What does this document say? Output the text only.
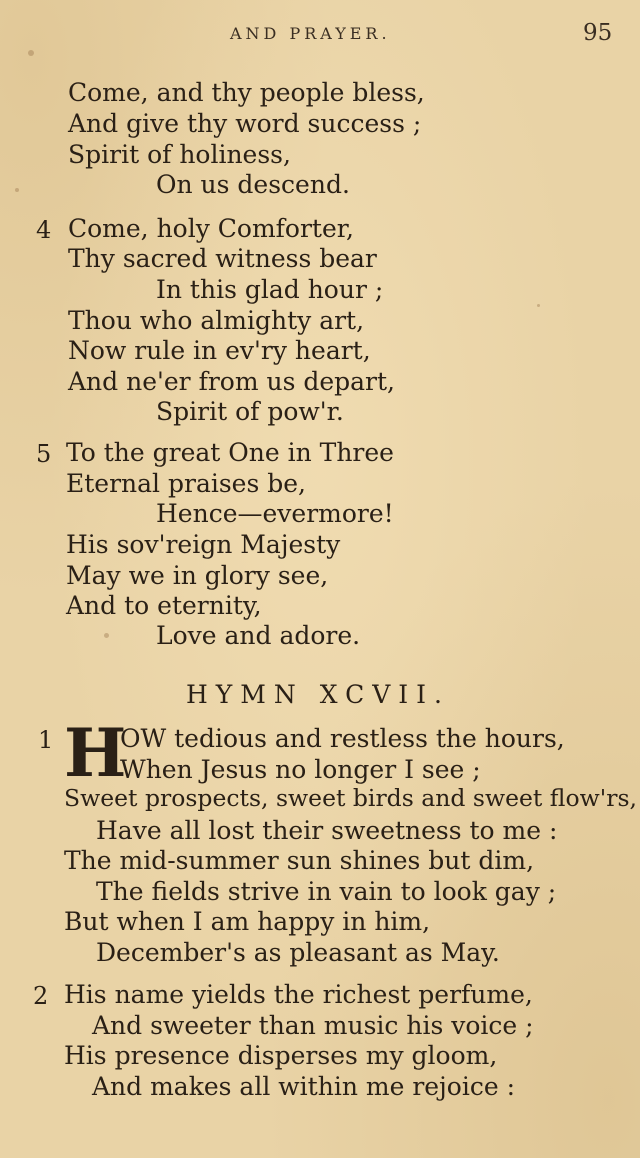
AND PRAYER.	95
Come, and thy people bless,
And give thy word success ;
Spirit of holiness,
On us descend.
4 Come, holy Comforter,
Thy sacred witness bear
In this glad hour ;
Thou who almighty art,
Now rule in ev'ry heart,
And ne'er from us depart,
Spirit of pow'r.
5 To the great One in Three
Eternal praises be,
Hence—evermore!
His sov'reign Majesty
May we in glory see,
And to eternity,
Love and adore.
HYMN XCVII.
1 H
OW tedious and restless the hours,
When Jesus no longer I see ;
Sweet prospects, sweet birds and sweet flow'rs,
Have all lost their sweetness to me :
The mid-summer sun shines but dim,
The fields strive in vain to look gay ;
But when I am happy in him,
December's as pleasant as May.
2 His name yields the richest perfume,
And sweeter than music his voice ;
His presence disperses my gloom,
And makes all within me rejoice :
